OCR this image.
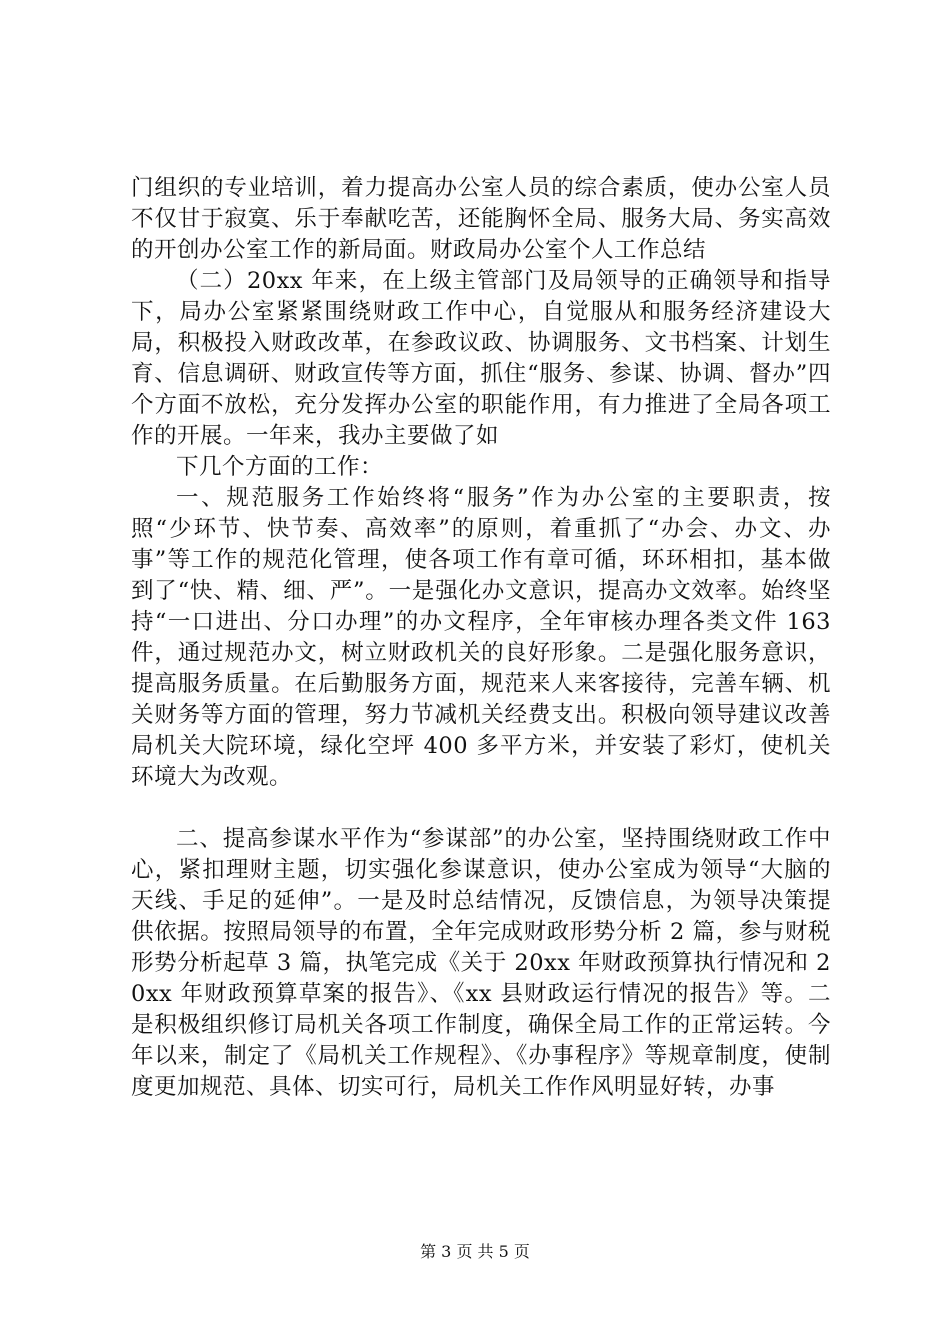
门组织的专业培训，着力提高办公室人员的综合素质，使办公室人员不仅甘于寂寞、乐于奉献吃苦，还能胸怀全局、服务大局、务实高效的开创办公室工作的新局面。财政局办公室个人工作总结

（二）20xx 年来，在上级主管部门及局领导的正确领导和指导下，局办公室紧紧围绕财政工作中心，自觉服从和服务经济建设大局，积极投入财政改革，在参政议政、协调服务、文书档案、计划生育、信息调研、财政宣传等方面，抓住“服务、参谋、协调、督办”四个方面不放松，充分发挥办公室的职能作用，有力推进了全局各项工作的开展。一年来，我办主要做了如

下几个方面的工作：

一、规范服务工作始终将“服务”作为办公室的主要职责，按照“少环节、快节奏、高效率”的原则，着重抓了“办会、办文、办事”等工作的规范化管理，使各项工作有章可循，环环相扣，基本做到了“快、精、细、严”。一是强化办文意识，提高办文效率。始终坚持“一口进出、分口办理”的办文程序，全年审核办理各类文件 163 件，通过规范办文，树立财政机关的良好形象。二是强化服务意识，提高服务质量。在后勤服务方面，规范来人来客接待，完善车辆、机关财务等方面的管理，努力节减机关经费支出。积极向领导建议改善局机关大院环境，绿化空坪 400 多平方米，并安装了彩灯，使机关环境大为改观。

二、提高参谋水平作为“参谋部”的办公室，坚持围绕财政工作中心，紧扣理财主题，切实强化参谋意识，使办公室成为领导“大脑的天线、手足的延伸”。一是及时总结情况，反馈信息，为领导决策提供依据。按照局领导的布置，全年完成财政形势分析 2 篇，参与财税形势分析起草 3 篇，执笔完成《关于 20xx 年财政预算执行情况和 20xx 年财政预算草案的报告》、《xx 县财政运行情况的报告》等。二是积极组织修订局机关各项工作制度，确保全局工作的正常运转。今年以来，制定了《局机关工作规程》、《办事程序》等规章制度，使制度更加规范、具体、切实可行，局机关工作作风明显好转，办事

第 3 页 共 5 页
